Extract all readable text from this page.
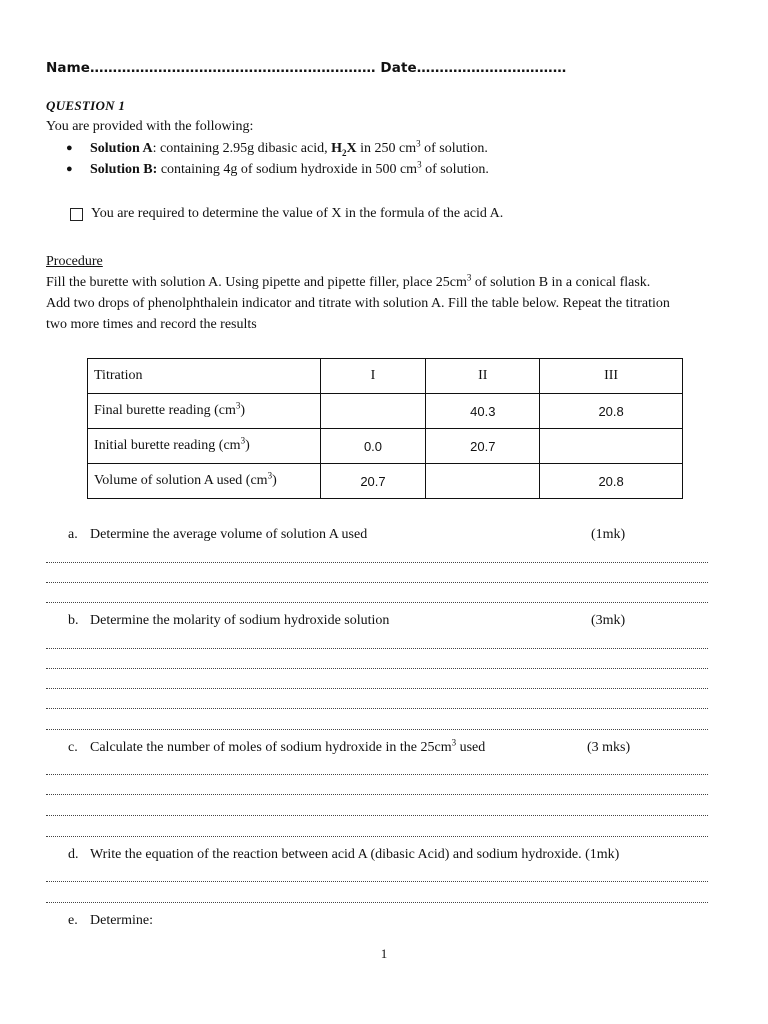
Name……………………………………………………… Date……………………………
QUESTION 1
You are provided with the following:
● Solution A: containing 2.95g dibasic acid, $H_2X$ in 250 $cm^3$ of solution.
● Solution B: containing 4g of sodium hydroxide in 500 $cm^3$ of solution.
You are required to determine the value of X in the formula of the acid A.
Procedure
Fill the burette with solution A. Using pipette and pipette filler, place $25cm^3$ of solution B in a conical flask.
Add two drops of phenolphthalein indicator and titrate with solution A. Fill the table below. Repeat the titration
two more times and record the results
Titration	I	II	III
Final burette reading $(cm^3)$		40.3	20.8
Initial burette reading $(cm^3)$	0.0	20.7	
Volume of solution A used $(cm^3)$	20.7		20.8
a. Determine the average volume of solution A used	(1mk)
b. Determine the molarity of sodium hydroxide solution	(3mk)
c. Calculate the number of moles of sodium hydroxide in the $25cm^3$ used	(3 mks)
d. Write the equation of the reaction between acid A (dibasic Acid) and sodium hydroxide. (1mk)
e. Determine:
1
